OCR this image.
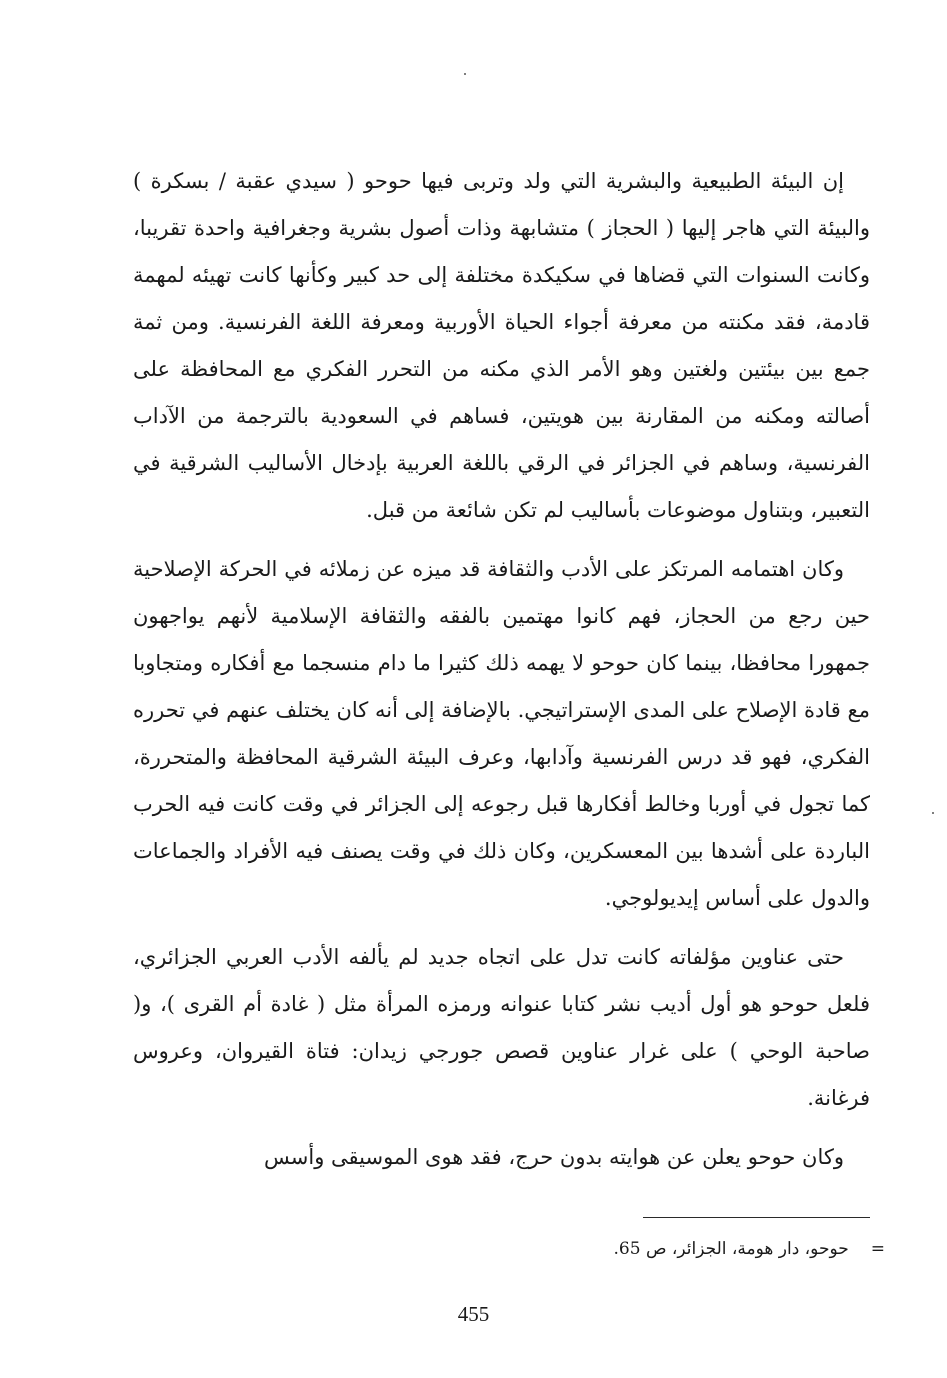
إن البيئة الطبيعية والبشرية التي ولد وتربى فيها حوحو ( سيدي عقبة / بسكرة ) والبيئة التي هاجر إليها ( الحجاز ) متشابهة وذات أصول بشرية وجغرافية واحدة تقريبا، وكانت السنوات التي قضاها في سكيكدة مختلفة إلى حد كبير وكأنها كانت تهيئه لمهمة قادمة، فقد مكنته من معرفة أجواء الحياة الأوربية ومعرفة اللغة الفرنسية. ومن ثمة جمع بين بيئتين ولغتين وهو الأمر الذي مكنه من التحرر الفكري مع المحافظة على أصالته ومكنه من المقارنة بين هويتين، فساهم في السعودية بالترجمة من الآداب الفرنسية، وساهم في الجزائر في الرقي باللغة العربية بإدخال الأساليب الشرقية في التعبير، وبتناول موضوعات بأساليب لم تكن شائعة من قبل.

وكان اهتمامه المرتكز على الأدب والثقافة قد ميزه عن زملائه في الحركة الإصلاحية حين رجع من الحجاز، فهم كانوا مهتمين بالفقه والثقافة الإسلامية لأنهم يواجهون جمهورا محافظا، بينما كان حوحو لا يهمه ذلك كثيرا ما دام منسجما مع أفكاره ومتجاوبا مع قادة الإصلاح على المدى الإستراتيجي. بالإضافة إلى أنه كان يختلف عنهم في تحرره الفكري، فهو قد درس الفرنسية وآدابها، وعرف البيئة الشرقية المحافظة والمتحررة، كما تجول في أوربا وخالط أفكارها قبل رجوعه إلى الجزائر في وقت كانت فيه الحرب الباردة على أشدها بين المعسكرين، وكان ذلك في وقت يصنف فيه الأفراد والجماعات والدول على أساس إيديولوجي.

حتى عناوين مؤلفاته كانت تدل على اتجاه جديد لم يألفه الأدب العربي الجزائري، فلعل حوحو هو أول أديب نشر كتابا عنوانه ورمزه المرأة مثل ( غادة أم القرى )، و( صاحبة الوحي ) على غرار عناوين قصص جورجي زيدان: فتاة القيروان، وعروس فرغانة.

وكان حوحو يعلن عن هوايته بدون حرج، فقد هوى الموسيقى وأسس

=حوحو، دار هومة، الجزائر، ص 65.
455
